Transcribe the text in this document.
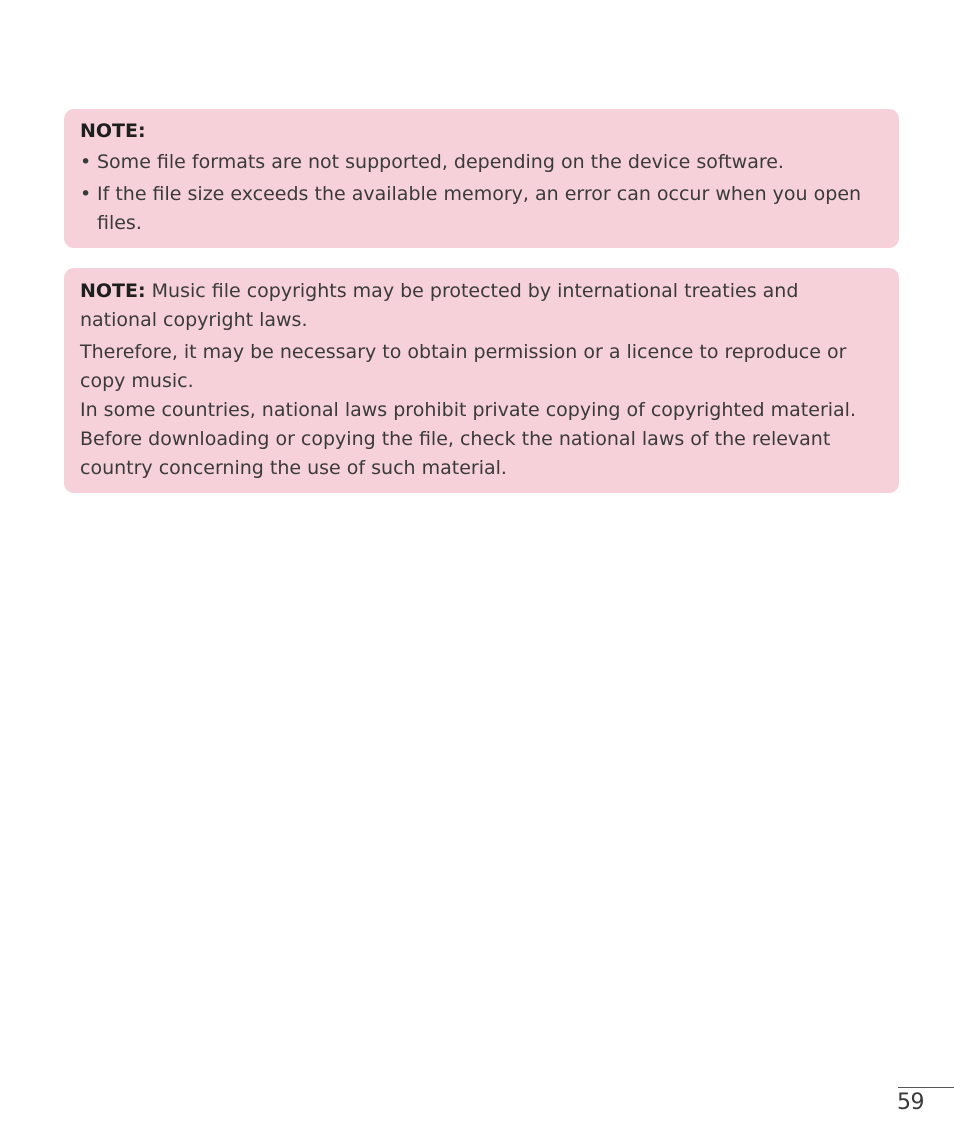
NOTE:

• Some file formats are not supported, depending on the device software.
• If the file size exceeds the available memory, an error can occur when you open files.

NOTE: Music file copyrights may be protected by international treaties and national copyright laws.

Therefore, it may be necessary to obtain permission or a licence to reproduce or copy music.

In some countries, national laws prohibit private copying of copyrighted material. Before downloading or copying the file, check the national laws of the relevant country concerning the use of such material.

59
